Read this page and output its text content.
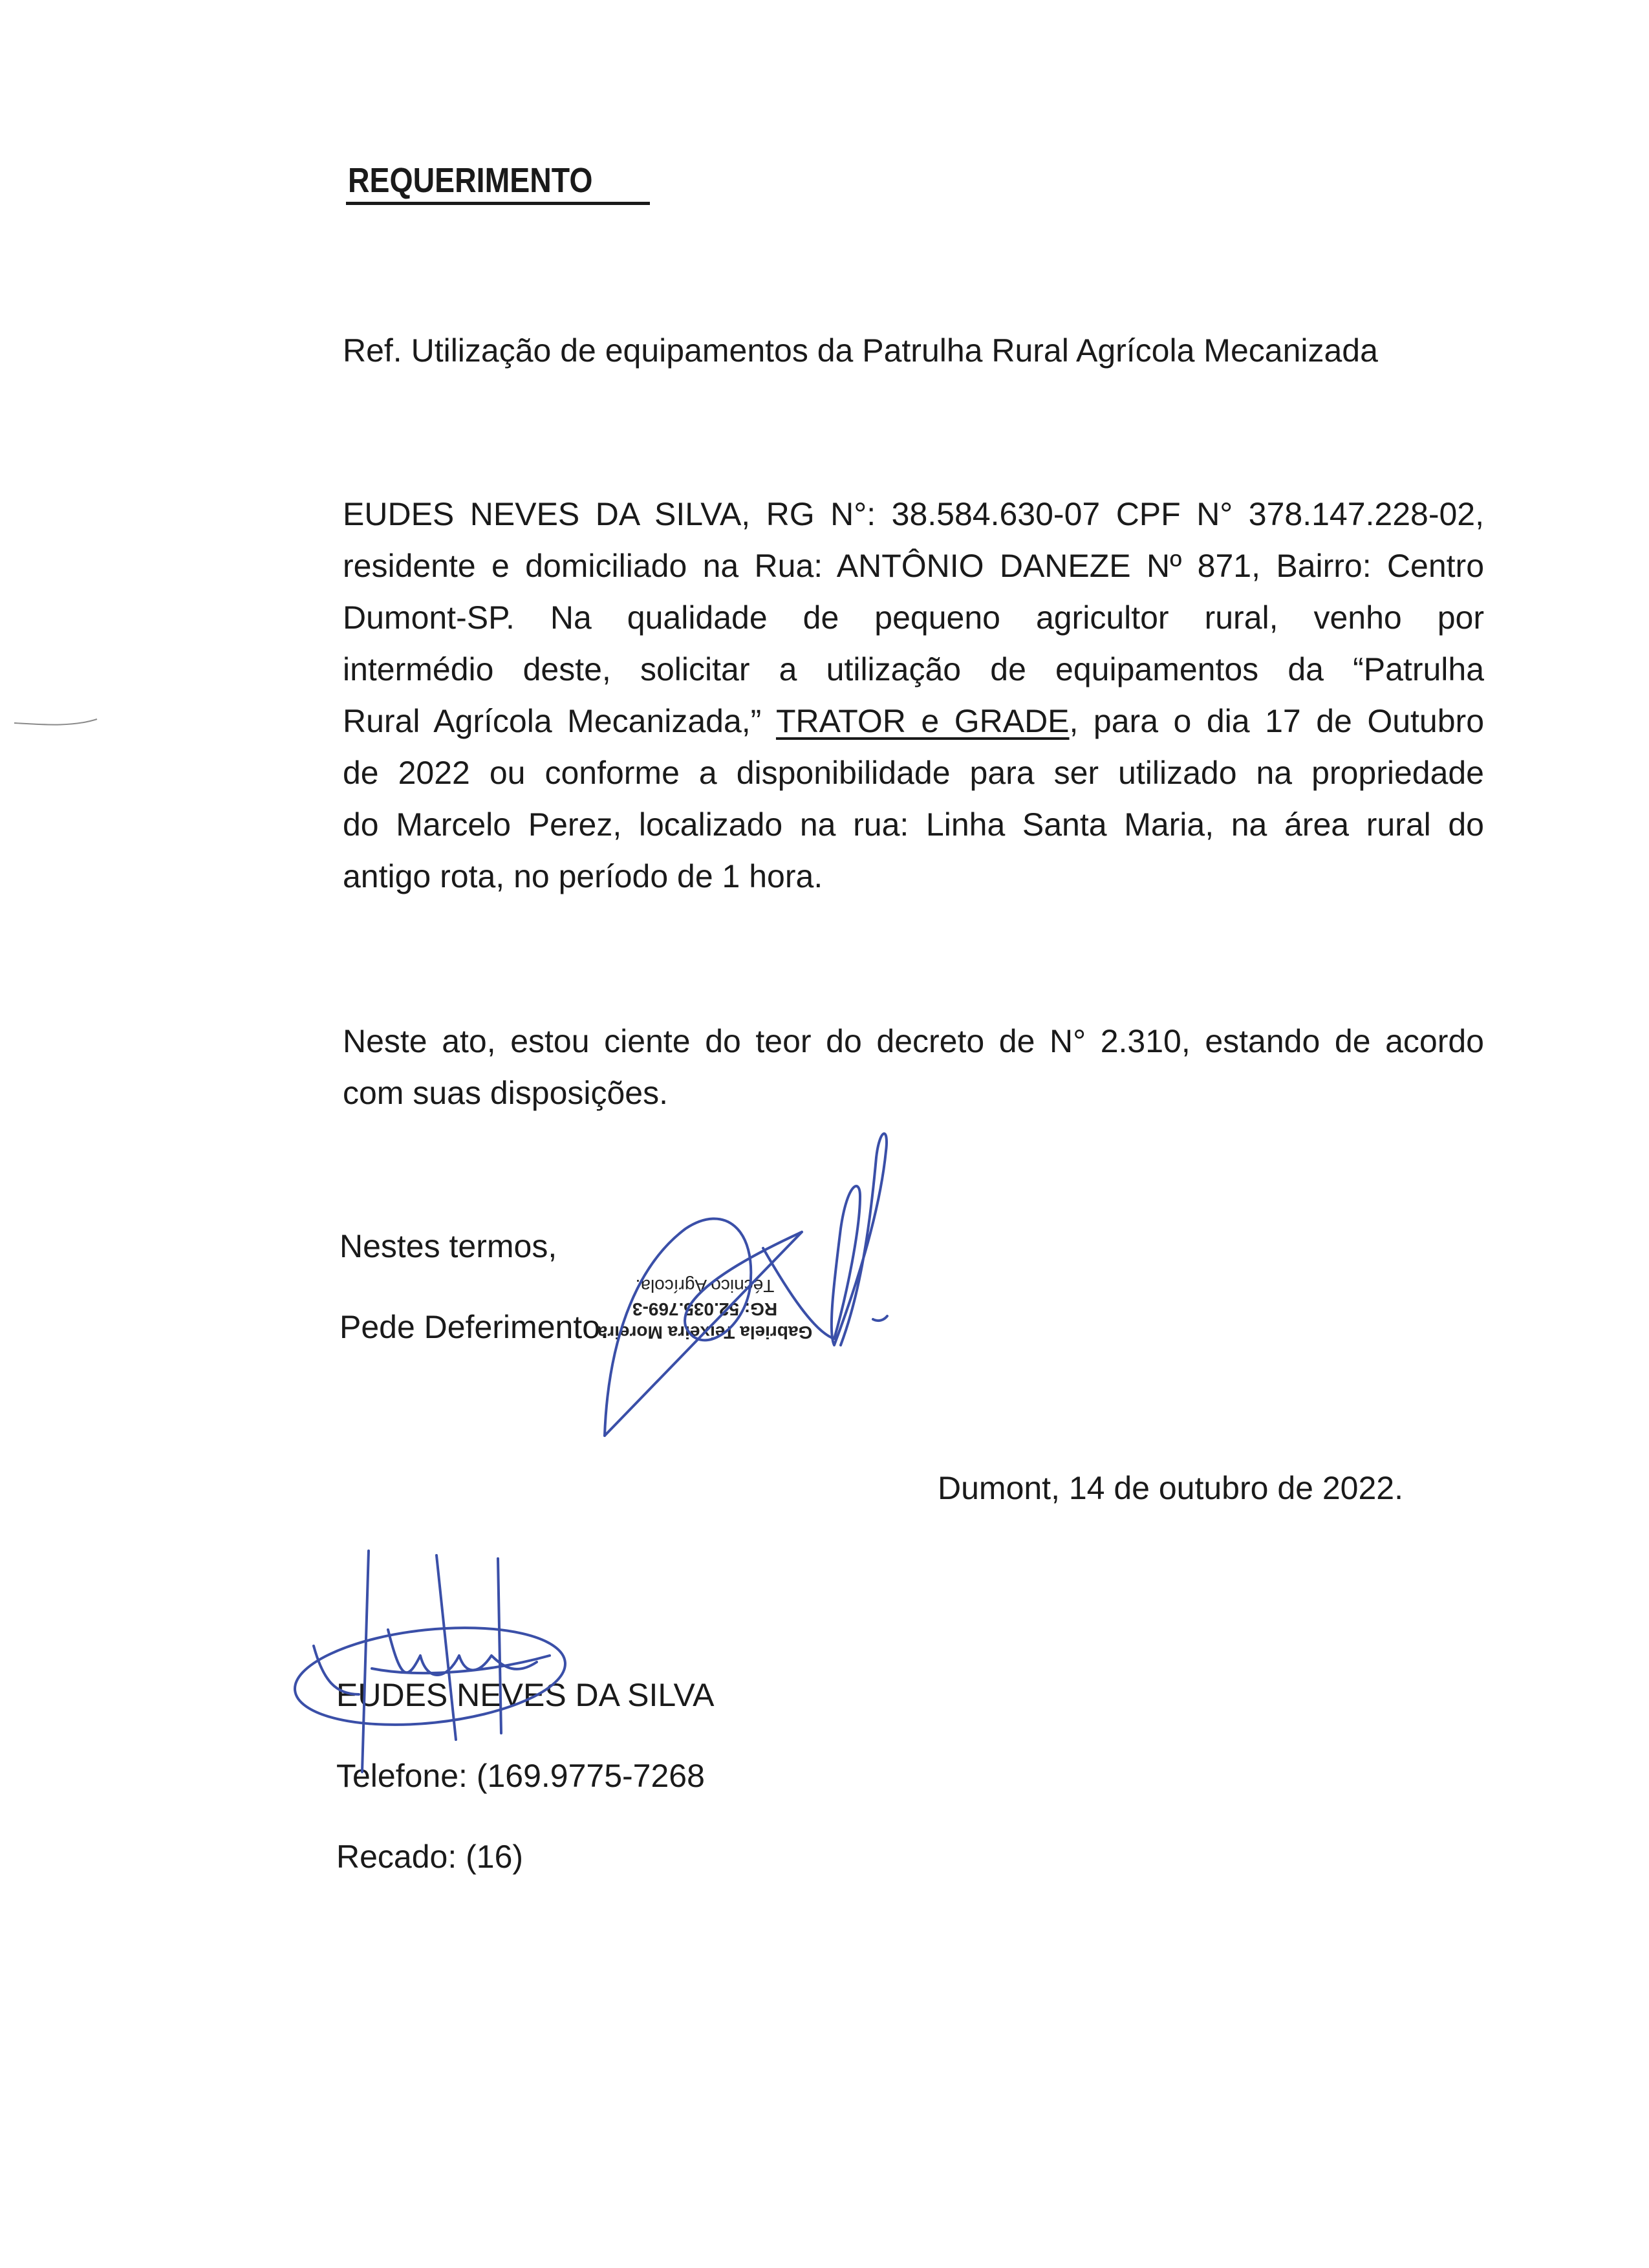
REQUERIMENTO
Ref. Utilização de equipamentos da Patrulha Rural Agrícola Mecanizada
EUDES NEVES DA SILVA, RG N°: 38.584.630-07 CPF N° 378.147.228-02,
residente e domiciliado na Rua: ANTÔNIO DANEZE Nº 871, Bairro: Centro
Dumont-SP. Na qualidade de pequeno agricultor rural, venho por
intermédio deste, solicitar a utilização de equipamentos da “Patrulha
Rural Agrícola Mecanizada,” TRATOR e GRADE, para o dia 17 de Outubro
de 2022 ou conforme a disponibilidade para ser utilizado na propriedade
do Marcelo Perez, localizado na rua: Linha Santa Maria, na área rural do
antigo rota, no período de 1 hora.
Neste ato, estou ciente do teor do decreto de N° 2.310, estando de acordo
com suas disposições.
Nestes termos,
Pede Deferimento.
Gabriela Teixeira Moreira
RG: 52.035.769-3
Técnico Agrícola.
Dumont, 14 de outubro de 2022.
EUDES NEVES DA SILVA
Telefone: (169.9775-7268
Recado: (16)
